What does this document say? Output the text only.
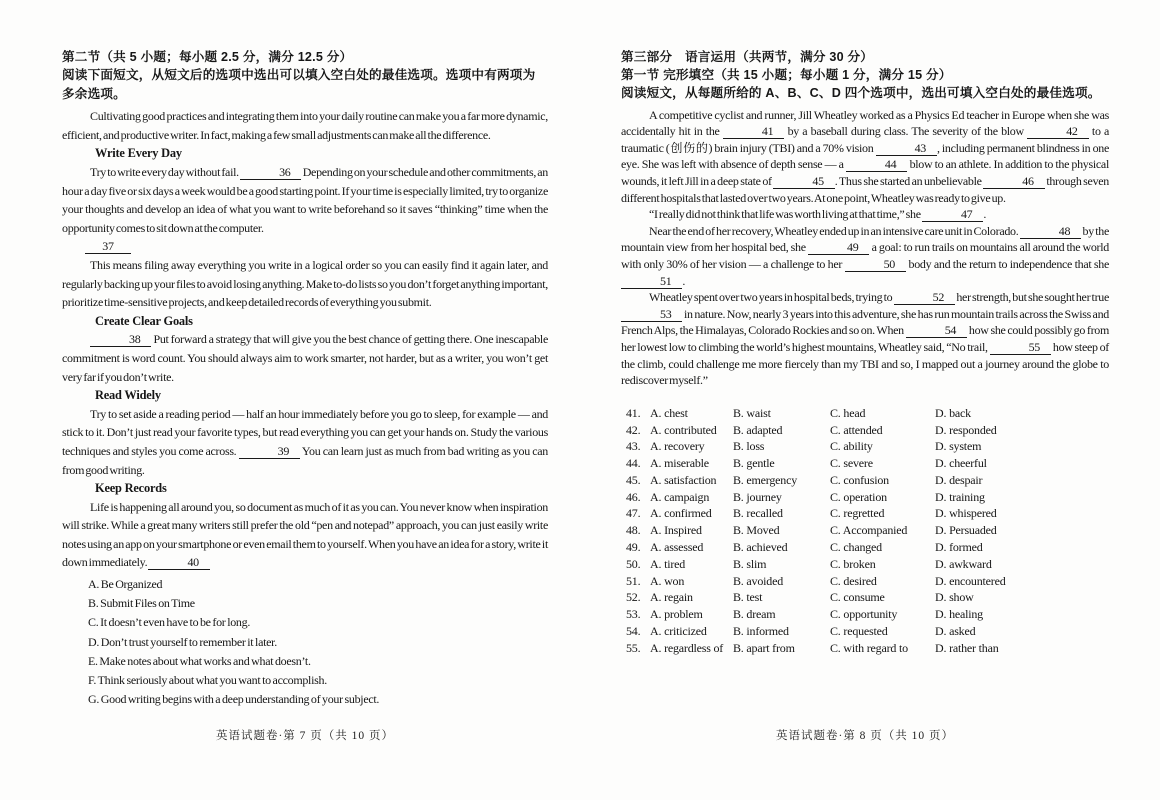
第二节（共 5 小题；每小题 2.5 分，满分 12.5 分）
阅读下面短文，从短文后的选项中选出可以填入空白处的最佳选项。选项中有两项为多余选项。

Cultivating good practices and integrating them into your daily routine can make you a far more dynamic, efficient, and productive writer. In fact, making a few small adjustments can make all the difference.

Write Every Day

Try to write every day without fail.	36 Depending on your schedule and other commitments, an hour a day five or six days a week would be a good starting point. If your time is especially limited, try to organize your thoughts and develop an idea of what you want to write beforehand so it saves “thinking” time when the opportunity comes to sit down at the computer.

37

This means filing away everything you write in a logical order so you can easily find it again later, and regularly backing up your files to avoid losing anything. Make to-do lists so you don’t forget anything important, prioritize time-sensitive projects, and keep detailed records of everything you submit.

Create Clear Goals

38 Put forward a strategy that will give you the best chance of getting there. One inescapable commitment is word count. You should always aim to work smarter, not harder, but as a writer, you won’t get very far if you don’t write.

Read Widely

Try to set aside a reading period — half an hour immediately before you go to sleep, for example — and stick to it. Don’t just read your favorite types, but read everything you can get your hands on. Study the various techniques and styles you come across.	39 You can learn just as much from bad writing as you can from good writing.

Keep Records

Life is happening all around you, so document as much of it as you can. You never know when inspiration will strike. While a great many writers still prefer the old “pen and notepad” approach, you can just easily write notes using an app on your smartphone or even email them to yourself. When you have an idea for a story, write it down immediately.	40

A. Be Organized
B. Submit Files on Time
C. It doesn’t even have to be for long.
D. Don’t trust yourself to remember it later.
E. Make notes about what works and what doesn’t.
F. Think seriously about what you want to accomplish.
G. Good writing begins with a deep understanding of your subject.
第三部分　语言运用（共两节，满分 30 分）
第一节 完形填空（共 15 小题；每小题 1 分，满分 15 分）
阅读短文，从每题所给的 A、B、C、D 四个选项中，选出可填入空白处的最佳选项。

A competitive cyclist and runner, Jill Wheatley worked as a Physics Ed teacher in Europe when she was accidentally hit in the	41 by a baseball during class. The severity of the blow	42 to a traumatic (创伤的) brain injury (TBI) and a 70% vision	43 , including permanent blindness in one eye. She was left with absence of depth sense — a	44 blow to an athlete. In addition to the physical wounds, it left Jill in a deep state of	45 . Thus she started an unbelievable	46 through seven different hospitals that lasted over two years. At one point, Wheatley was ready to give up.

“I really did not think that life was worth living at that time,” she	47 .

Near the end of her recovery, Wheatley ended up in an intensive care unit in Colorado.	48 by the mountain view from her hospital bed, she	49 a goal: to run trails on mountains all around the world with only 30% of her vision — a challenge to her	50 body and the return to independence that she 51 .

Wheatley spent over two years in hospital beds, trying to	52 her strength, but she sought her true 53 in nature. Now, nearly 3 years into this adventure, she has run mountain trails across the Swiss and French Alps, the Himalayas, Colorado Rockies and so on. When	54 how she could possibly go from her lowest low to climbing the world’s highest mountains, Wheatley said, “No trail,	55 how steep of the climb, could challenge me more fiercely than my TBI and so, I mapped out a journey around the globe to rediscover myself.”

41. A. chest	B. waist	C. head	D. back
42. A. contributed	B. adapted	C. attended	D. responded
43. A. recovery	B. loss	C. ability	D. system
44. A. miserable	B. gentle	C. severe	D. cheerful
45. A. satisfaction	B. emergency	C. confusion	D. despair
46. A. campaign	B. journey	C. operation	D. training
47. A. confirmed	B. recalled	C. regretted	D. whispered
48. A. Inspired	B. Moved	C. Accompanied	D. Persuaded
49. A. assessed	B. achieved	C. changed	D. formed
50. A. tired	B. slim	C. broken	D. awkward
51. A. won	B. avoided	C. desired	D. encountered
52. A. regain	B. test	C. consume	D. show
53. A. problem	B. dream	C. opportunity	D. healing
54. A. criticized	B. informed	C. requested	D. asked
55. A. regardless of B. apart from	C. with regard to	D. rather than
英语试题卷·第 7 页（共 10 页）	英语试题卷·第 8 页（共 10 页）
